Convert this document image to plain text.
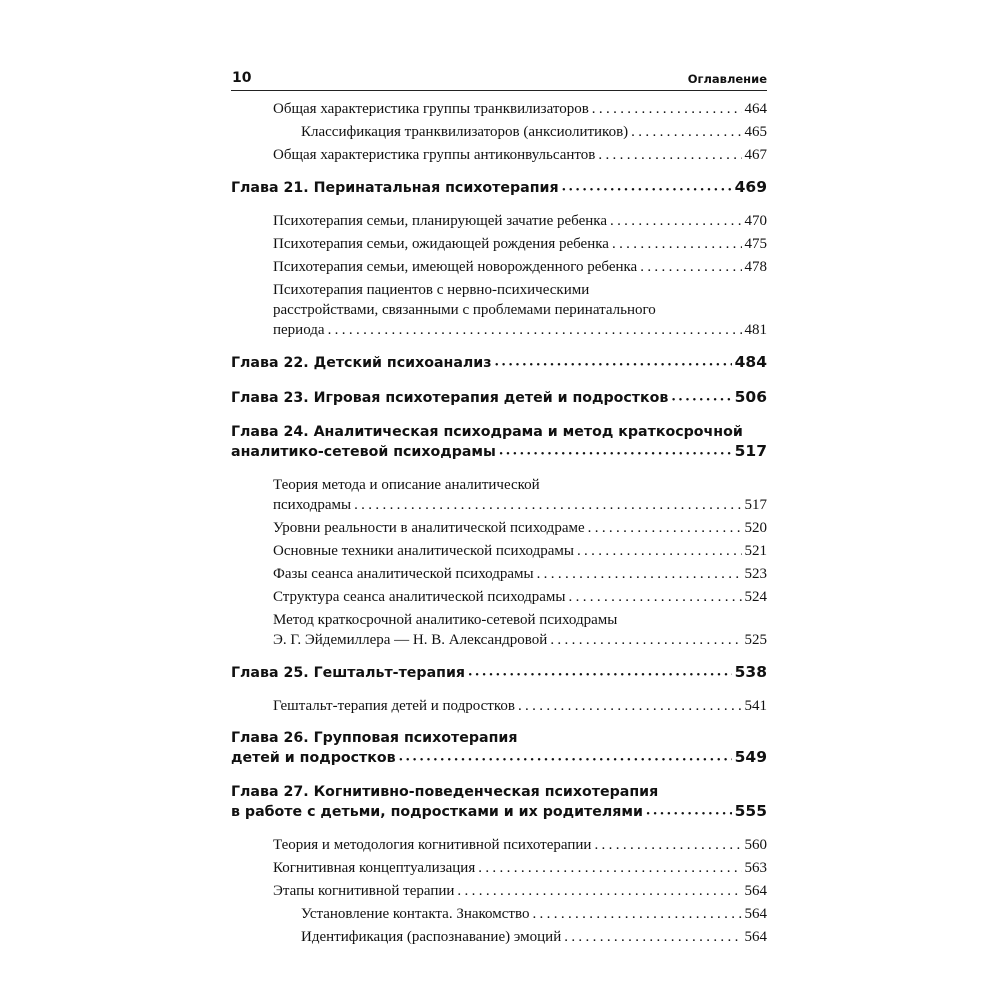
10	Оглавление
Общая характеристика группы транквилизаторов . . .	464
Классификация транквилизаторов (анксиолитиков) . . .	465
Общая характеристика группы антиконвульсантов . . .	467
Глава 21. Перинатальная психотерапия • • •	469
Психотерапия семьи, планирующей зачатие ребенка . . .	470
Психотерапия семьи, ожидающей рождения ребенка . . .	475
Психотерапия семьи, имеющей новорожденного ребенка . . .	478
Психотерапия пациентов с нервно-психическими
расстройствами, связанными с проблемами перинатального
периода . . .	481
Глава 22. Детский психоанализ • • •	484
Глава 23. Игровая психотерапия детей и подростков • • •	506
Глава 24. Аналитическая психодрама и метод краткосрочной
аналитико-сетевой психодрамы • • •	517
Теория метода и описание аналитической
психодрамы . . .	517
Уровни реальности в аналитической психодраме . . .	520
Основные техники аналитической психодрамы . . .	521
Фазы сеанса аналитической психодрамы . . .	523
Структура сеанса аналитической психодрамы . . .	524
Метод краткосрочной аналитико-сетевой психодрамы
Э. Г. Эйдемиллера — Н. В. Александровой . . .	525
Глава 25. Гештальт-терапия • • •	538
Гештальт-терапия детей и подростков . . .	541
Глава 26. Групповая психотерапия
детей и подростков • • •	549
Глава 27. Когнитивно-поведенческая психотерапия
в работе с детьми, подростками и их родителями • • •	555
Теория и методология когнитивной психотерапии . . .	560
Когнитивная концептуализация . . .	563
Этапы когнитивной терапии . . .	564
Установление контакта. Знакомство . . .	564
Идентификация (распознавание) эмоций . . .	564
